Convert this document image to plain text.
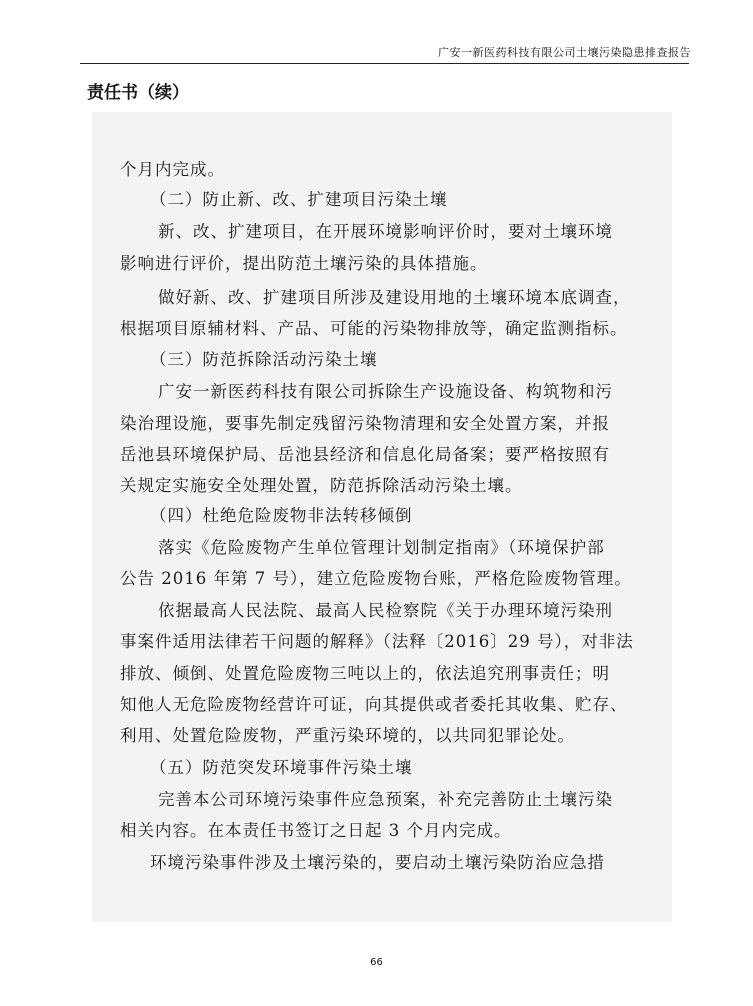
广安一新医药科技有限公司土壤污染隐患排查报告
责任书（续）
个月内完成。
（二）防止新、改、扩建项目污染土壤
新、改、扩建项目，在开展环境影响评价时，要对土壤环境
影响进行评价，提出防范土壤污染的具体措施。
做好新、改、扩建项目所涉及建设用地的土壤环境本底调查，
根据项目原辅材料、产品、可能的污染物排放等，确定监测指标。
（三）防范拆除活动污染土壤
广安一新医药科技有限公司拆除生产设施设备、构筑物和污
染治理设施，要事先制定残留污染物清理和安全处置方案，并报
岳池县环境保护局、岳池县经济和信息化局备案；要严格按照有
关规定实施安全处理处置，防范拆除活动污染土壤。
（四）杜绝危险废物非法转移倾倒
落实《危险废物产生单位管理计划制定指南》（环境保护部
公告 2016 年第 7 号），建立危险废物台账，严格危险废物管理。
依据最高人民法院、最高人民检察院《关于办理环境污染刑
事案件适用法律若干问题的解释》（法释〔2016〕29 号），对非法
排放、倾倒、处置危险废物三吨以上的，依法追究刑事责任；明
知他人无危险废物经营许可证，向其提供或者委托其收集、贮存、
利用、处置危险废物，严重污染环境的，以共同犯罪论处。
（五）防范突发环境事件污染土壤
完善本公司环境污染事件应急预案，补充完善防止土壤污染
相关内容。在本责任书签订之日起 3 个月内完成。
环境污染事件涉及土壤污染的，要启动土壤污染防治应急措
66
